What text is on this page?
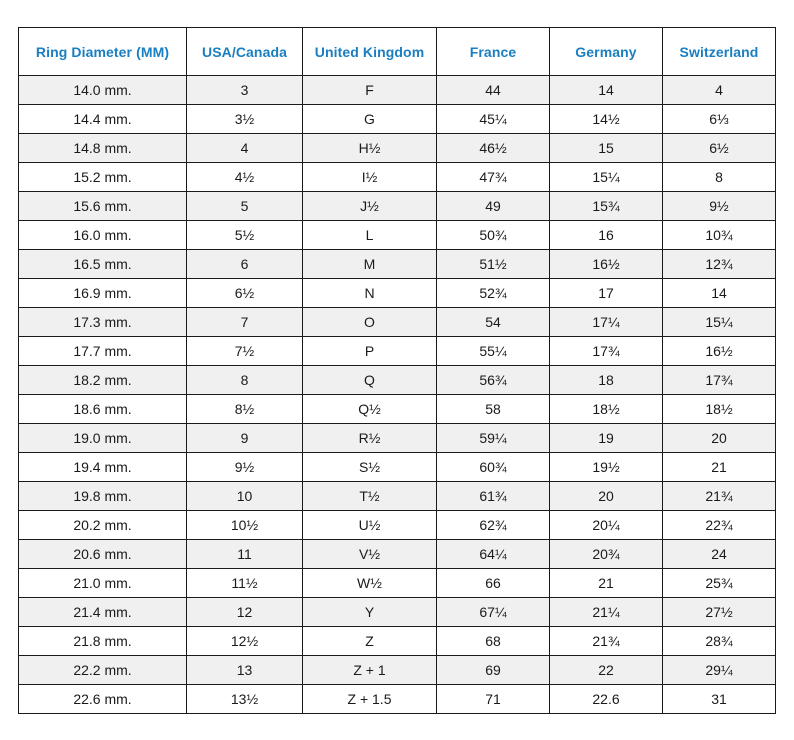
Ring Diameter (MM)	USA/Canada	United Kingdom	France	Germany	Switzerland
14.0 mm.	3	F	44	14	4
14.4 mm.	3½	G	45¼	14½	6⅓
14.8 mm.	4	H½	46½	15	6½
15.2 mm.	4½	I½	47¾	15¼	8
15.6 mm.	5	J½	49	15¾	9½
16.0 mm.	5½	L	50¾	16	10¾
16.5 mm.	6	M	51½	16½	12¾
16.9 mm.	6½	N	52¾	17	14
17.3 mm.	7	O	54	17¼	15¼
17.7 mm.	7½	P	55¼	17¾	16½
18.2 mm.	8	Q	56¾	18	17¾
18.6 mm.	8½	Q½	58	18½	18½
19.0 mm.	9	R½	59¼	19	20
19.4 mm.	9½	S½	60¾	19½	21
19.8 mm.	10	T½	61¾	20	21¾
20.2 mm.	10½	U½	62¾	20¼	22¾
20.6 mm.	11	V½	64¼	20¾	24
21.0 mm.	11½	W½	66	21	25¾
21.4 mm.	12	Y	67¼	21¼	27½
21.8 mm.	12½	Z	68	21¾	28¾
22.2 mm.	13	Z + 1	69	22	29¼
22.6 mm.	13½	Z + 1.5	71	22.6	31
